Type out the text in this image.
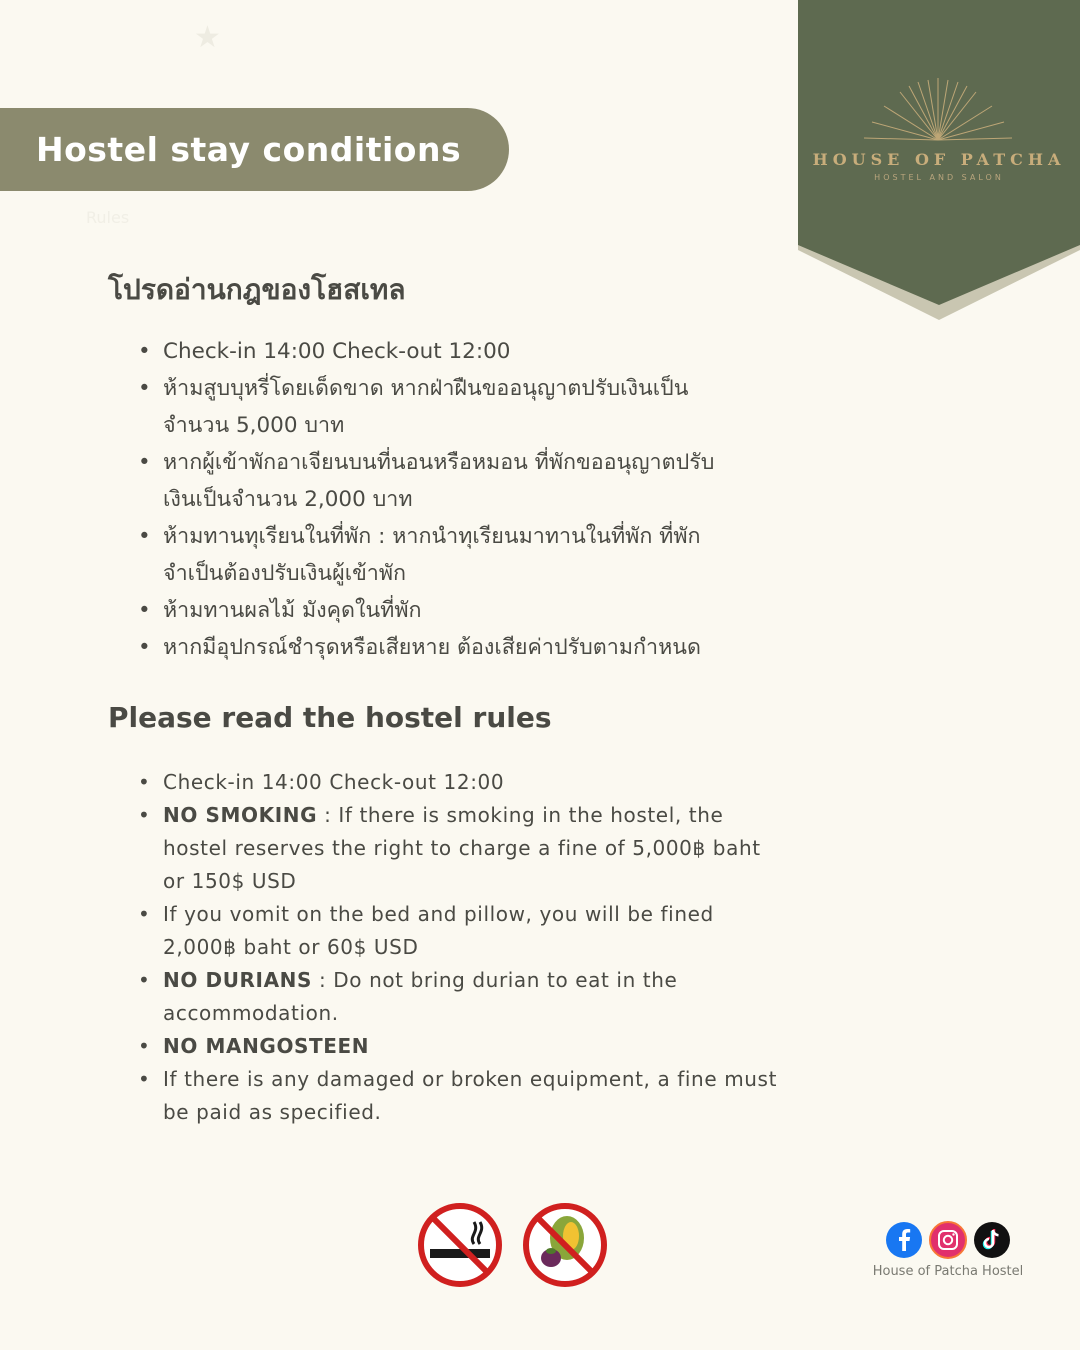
★
Hostel stay conditions
Rules
HOUSE OF PATCHA
HOSTEL AND SALON
โปรดอ่านกฎของโฮสเทล
• Check-in 14:00 Check-out 12:00
• ห้ามสูบบุหรี่โดยเด็ดขาด หากฝ่าฝืนขออนุญาตปรับเงินเป็น
จำนวน 5,000 บาท
• หากผู้เข้าพักอาเจียนบนที่นอนหรือหมอน ที่พักขออนุญาตปรับ
เงินเป็นจำนวน 2,000 บาท
• ห้ามทานทุเรียนในที่พัก : หากนำทุเรียนมาทานในที่พัก ที่พัก
จำเป็นต้องปรับเงินผู้เข้าพัก
• ห้ามทานผลไม้ มังคุดในที่พัก
• หากมีอุปกรณ์ชำรุดหรือเสียหาย ต้องเสียค่าปรับตามกำหนด
Please read the hostel rules
• Check-in 14:00 Check-out 12:00
• NO SMOKING : If there is smoking in the hostel, the
hostel reserves the right to charge a fine of 5,000฿ baht
or 150$ USD
• If you vomit on the bed and pillow, you will be fined
2,000฿ baht or 60$ USD
• NO DURIANS : Do not bring durian to eat in the
accommodation.
• NO MANGOSTEEN
• If there is any damaged or broken equipment, a fine must
be paid as specified.
House of Patcha Hostel
